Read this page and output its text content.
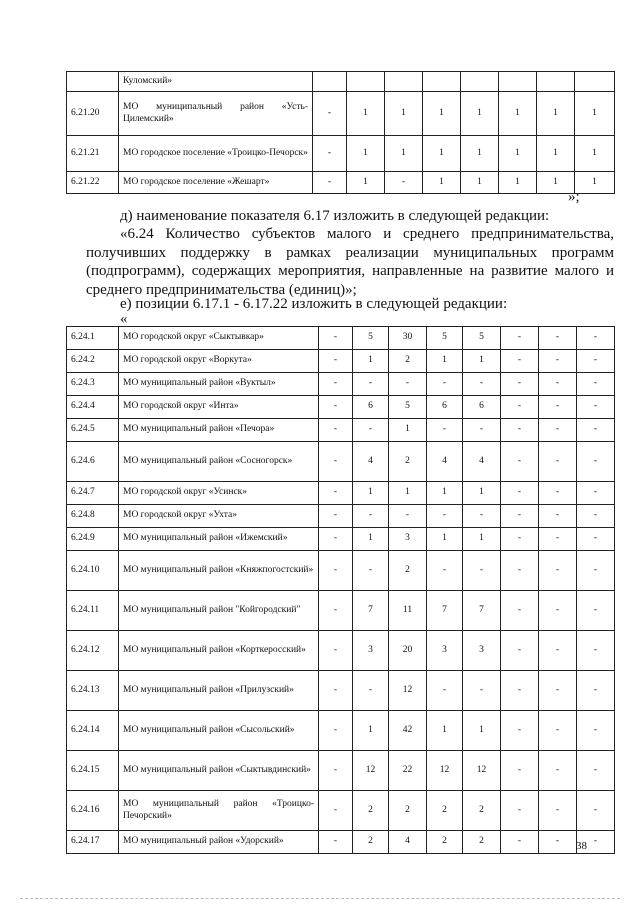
	Куломский»								
6.21.20	МО муниципальный район «Усть-Цилемский»	-	1	1	1	1	1	1	1
6.21.21	МО городское поселение «Троицко-Печорск»	-	1	1	1	1	1	1	1
6.21.22	МО городское поселение «Жешарт»	-	1	-	1	1	1	1	1
»;

д) наименование показателя 6.17 изложить в следующей редакции:

«6.24 Количество субъектов малого и среднего предпринимательства, получивших поддержку в рамках реализации муниципальных программ (подпрограмм), содержащих мероприятия, направленные на развитие малого и среднего предпринимательства (единиц)»;

е) позиции 6.17.1 - 6.17.22 изложить в следующей редакции:

«
6.24.1	МО городской округ «Сыктывкар»	-	5	30	5	5	-	-	-
6.24.2	МО городской округ «Воркута»	-	1	2	1	1	-	-	-
6.24.3	МО муниципальный район «Вуктыл»	-	-	-	-	-	-	-	-
6.24.4	МО городской округ «Инта»	-	6	5	6	6	-	-	-
6.24.5	МО муниципальный район «Печора»	-	-	1	-	-	-	-	-
6.24.6	МО муниципальный район «Сосногорск»	-	4	2	4	4	-	-	-
6.24.7	МО городской округ «Усинск»	-	1	1	1	1	-	-	-
6.24.8	МО городской округ «Ухта»	-	-	-	-	-	-	-	-
6.24.9	МО муниципальный район «Ижемский»	-	1	3	1	1	-	-	-
6.24.10	МО муниципальный район «Княжпогостский»	-	-	2	-	-	-	-	-
6.24.11	МО муниципальный район "Койгородский"	-	7	11	7	7	-	-	-
6.24.12	МО муниципальный район «Корткеросский»	-	3	20	3	3	-	-	-
6.24.13	МО муниципальный район «Прилузский»	-	-	12	-	-	-	-	-
6.24.14	МО муниципальный район «Сысольский»	-	1	42	1	1	-	-	-
6.24.15	МО муниципальный район «Сыктывдинский»	-	12	22	12	12	-	-	-
6.24.16	МО муниципальный район «Троицко-Печорский»	-	2	2	2	2	-	-	-
6.24.17	МО муниципальный район «Удорский»	-	2	4	2	2	-	-	-
38
